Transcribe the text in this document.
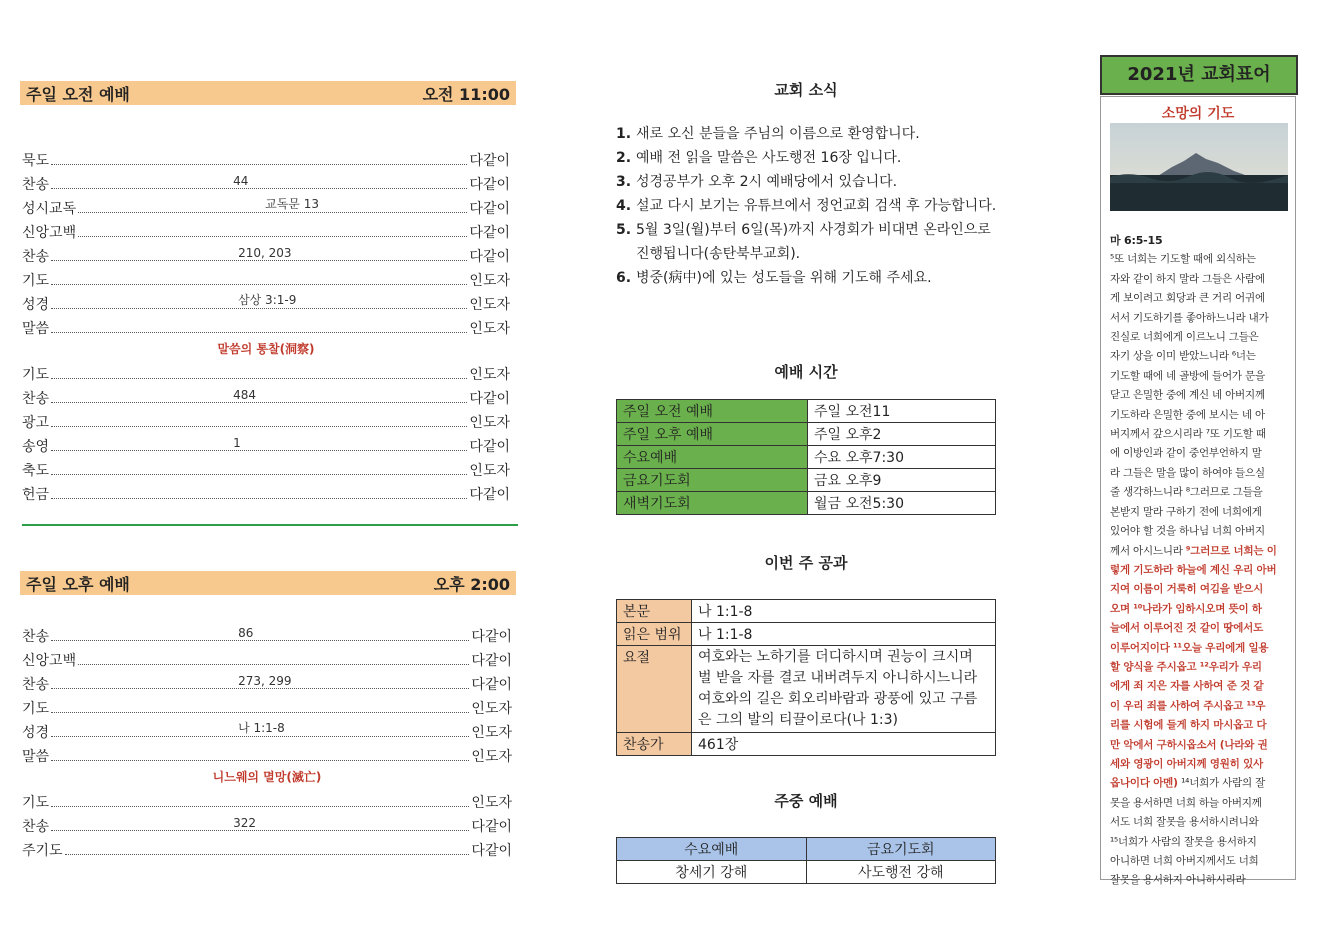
주일 오전 예배	오전 11:00
묵도	다같이
찬송	44	다같이
성시교독	교독문 13	다같이
신앙고백	다같이
찬송	210, 203	다같이
기도	인도자
성경	삼상 3:1-9	인도자
말씀	인도자
말씀의 통찰(洞察)
기도	인도자
찬송	484	다같이
광고	인도자
송영	1	다같이
축도	인도자
헌금	다같이
주일 오후 예배	오후 2:00
찬송	86	다같이
신앙고백	다같이
찬송	273, 299	다같이
기도	인도자
성경	나 1:1-8	인도자
말씀	인도자
니느웨의 멸망(滅亡)
기도	인도자
찬송	322	다같이
주기도	다같이
교회 소식
1. 새로 오신 분들을 주님의 이름으로 환영합니다.
2. 예배 전 읽을 말씀은 사도행전 16장 입니다.
3. 성경공부가 오후 2시 예배당에서 있습니다.
4. 설교 다시 보기는 유튜브에서 정언교회 검색 후 가능합니다.
5. 5월 3일(월)부터 6일(목)까지 사경회가 비대면 온라인으로
진행됩니다(송탄북부교회).
6. 병중(病中)에 있는 성도들을 위해 기도해 주세요.
예배 시간
주일 오전 예배	주일 오전11
주일 오후 예배	주일 오후2
수요예배	수요 오후7:30
금요기도회	금요 오후9
새벽기도회	월금 오전5:30
이번 주 공과
본문	나 1:1-8
읽은 범위	나 1:1-8
요절	여호와는 노하기를 더디하시며 권능이 크시며
벌 받을 자를 결코 내버려두지 아니하시느니라
여호와의 길은 회오리바람과 광풍에 있고 구름
은 그의 발의 티끌이로다(나 1:3)

찬송가	461장
주중 예배
수요예배	금요기도회
창세기 강해	사도행전 강해
2021년 교회표어
소망의 기도
마 6:5-15
⁵또 너희는 기도할 때에 외식하는
자와 같이 하지 말라 그들은 사람에
게 보이려고 회당과 큰 거리 어귀에
서서 기도하기를 좋아하느니라 내가
진실로 너희에게 이르노니 그들은
자기 상을 이미 받았느니라 ⁶너는
기도할 때에 네 골방에 들어가 문을
닫고 은밀한 중에 계신 네 아버지께
기도하라 은밀한 중에 보시는 네 아
버지께서 갚으시리라 ⁷또 기도할 때
에 이방인과 같이 중언부언하지 말
라 그들은 말을 많이 하여야 들으실
줄 생각하느니라 ⁸그러므로 그들을
본받지 말라 구하기 전에 너희에게
있어야 할 것을 하나님 너희 아버지
께서 아시느니라 ⁹그러므로 너희는 이
렇게 기도하라 하늘에 계신 우리 아버
지여 이름이 거룩히 여김을 받으시
오며 ¹⁰나라가 임하시오며 뜻이 하
늘에서 이루어진 것 같이 땅에서도
이루어지이다 ¹¹오늘 우리에게 일용
할 양식을 주시옵고 ¹²우리가 우리
에게 죄 지은 자를 사하여 준 것 같
이 우리 죄를 사하여 주시옵고 ¹³우
리를 시험에 들게 하지 마시옵고 다
만 악에서 구하시옵소서 (나라와 권
세와 영광이 아버지께 영원히 있사
옵나이다 아멘) ¹⁴너희가 사람의 잘
못을 용서하면 너희 하늘 아버지께
서도 너희 잘못을 용서하시려니와
¹⁵너희가 사람의 잘못을 용서하지
아니하면 너희 아버지께서도 너희
잘못을 용서하지 아니하시리라
